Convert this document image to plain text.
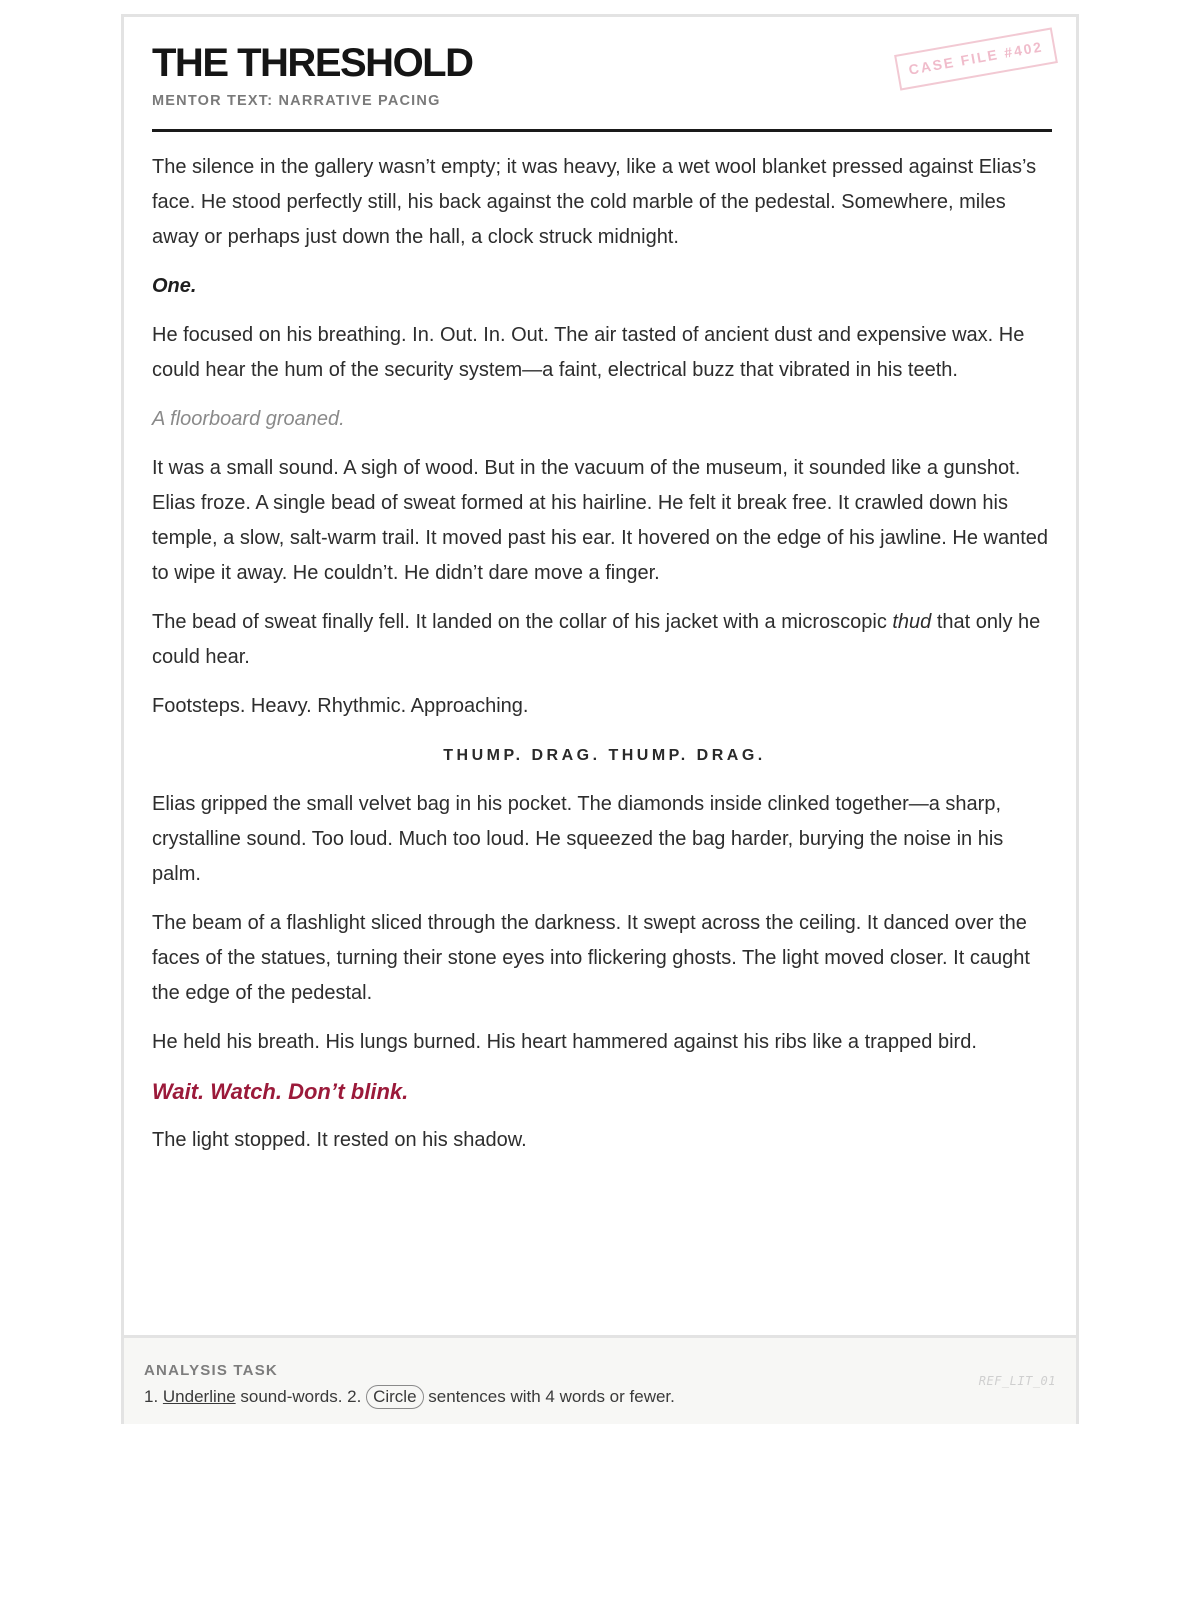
THE THRESHOLD
MENTOR TEXT: NARRATIVE PACING
CASE FILE #402

The silence in the gallery wasn’t empty; it was heavy, like a wet wool blanket pressed against Elias’s face. He stood perfectly still, his back against the cold marble of the pedestal. Somewhere, miles away or perhaps just down the hall, a clock struck midnight.

One.

He focused on his breathing. In. Out. In. Out. The air tasted of ancient dust and expensive wax. He could hear the hum of the security system—a faint, electrical buzz that vibrated in his teeth.

A floorboard groaned.

It was a small sound. A sigh of wood. But in the vacuum of the museum, it sounded like a gunshot. Elias froze. A single bead of sweat formed at his hairline. He felt it break free. It crawled down his temple, a slow, salt-warm trail. It moved past his ear. It hovered on the edge of his jawline. He wanted to wipe it away. He couldn’t. He didn’t dare move a finger.

The bead of sweat finally fell. It landed on the collar of his jacket with a microscopic thud that only he could hear.

Footsteps. Heavy. Rhythmic. Approaching.

THUMP. DRAG. THUMP. DRAG.

Elias gripped the small velvet bag in his pocket. The diamonds inside clinked together—a sharp, crystalline sound. Too loud. Much too loud. He squeezed the bag harder, burying the noise in his palm.

The beam of a flashlight sliced through the darkness. It swept across the ceiling. It danced over the faces of the statues, turning their stone eyes into flickering ghosts. The light moved closer. It caught the edge of the pedestal.

He held his breath. His lungs burned. His heart hammered against his ribs like a trapped bird.

Wait. Watch. Don’t blink.

The light stopped. It rested on his shadow.

ANALYSIS TASK
1. Underline sound-words. 2. Circle sentences with 4 words or fewer.
REF_LIT_01
